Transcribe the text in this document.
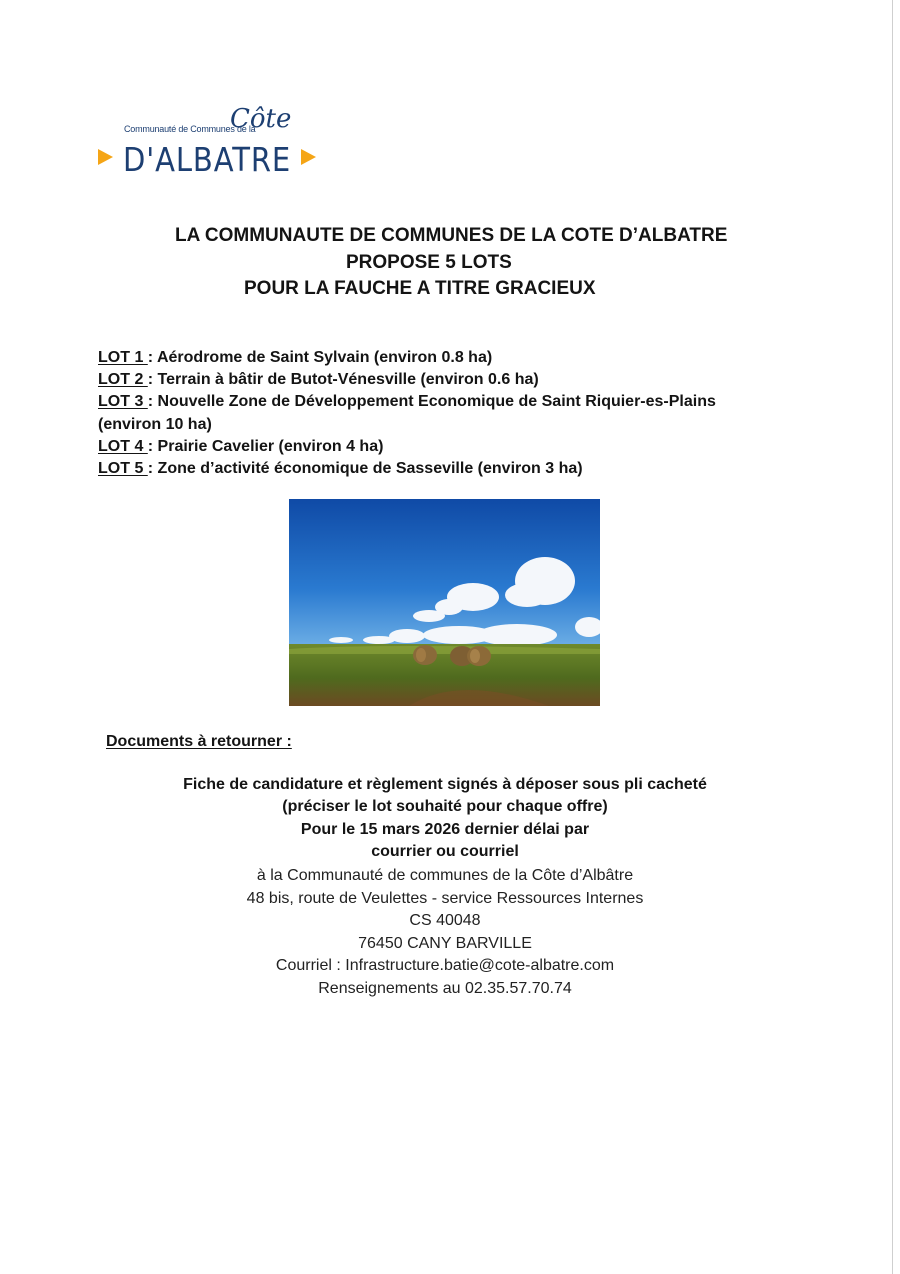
Communauté de Communes de la
Côte
D'ALBATRE
LA COMMUNAUTE DE COMMUNES DE LA COTE D’ALBATRE
PROPOSE 5 LOTS
POUR LA FAUCHE A TITRE GRACIEUX
LOT 1 : Aérodrome de Saint Sylvain (environ 0.8 ha)
LOT 2 : Terrain à bâtir de Butot-Vénesville (environ 0.6 ha)
LOT 3 : Nouvelle Zone de Développement Economique de Saint Riquier-es-Plains (environ 10 ha)
LOT 4 : Prairie Cavelier (environ 4 ha)
LOT 5 : Zone d’activité économique de Sasseville (environ 3 ha)
Documents à retourner :
Fiche de candidature et règlement signés à déposer sous pli cacheté
(préciser le lot souhaité pour chaque offre)
Pour le 15 mars 2026 dernier délai par
courrier ou courriel
à la Communauté de communes de la Côte d’Albâtre
48 bis, route de Veulettes - service Ressources Internes
CS 40048
76450 CANY BARVILLE
Courriel : Infrastructure.batie@cote-albatre.com
Renseignements au 02.35.57.70.74
